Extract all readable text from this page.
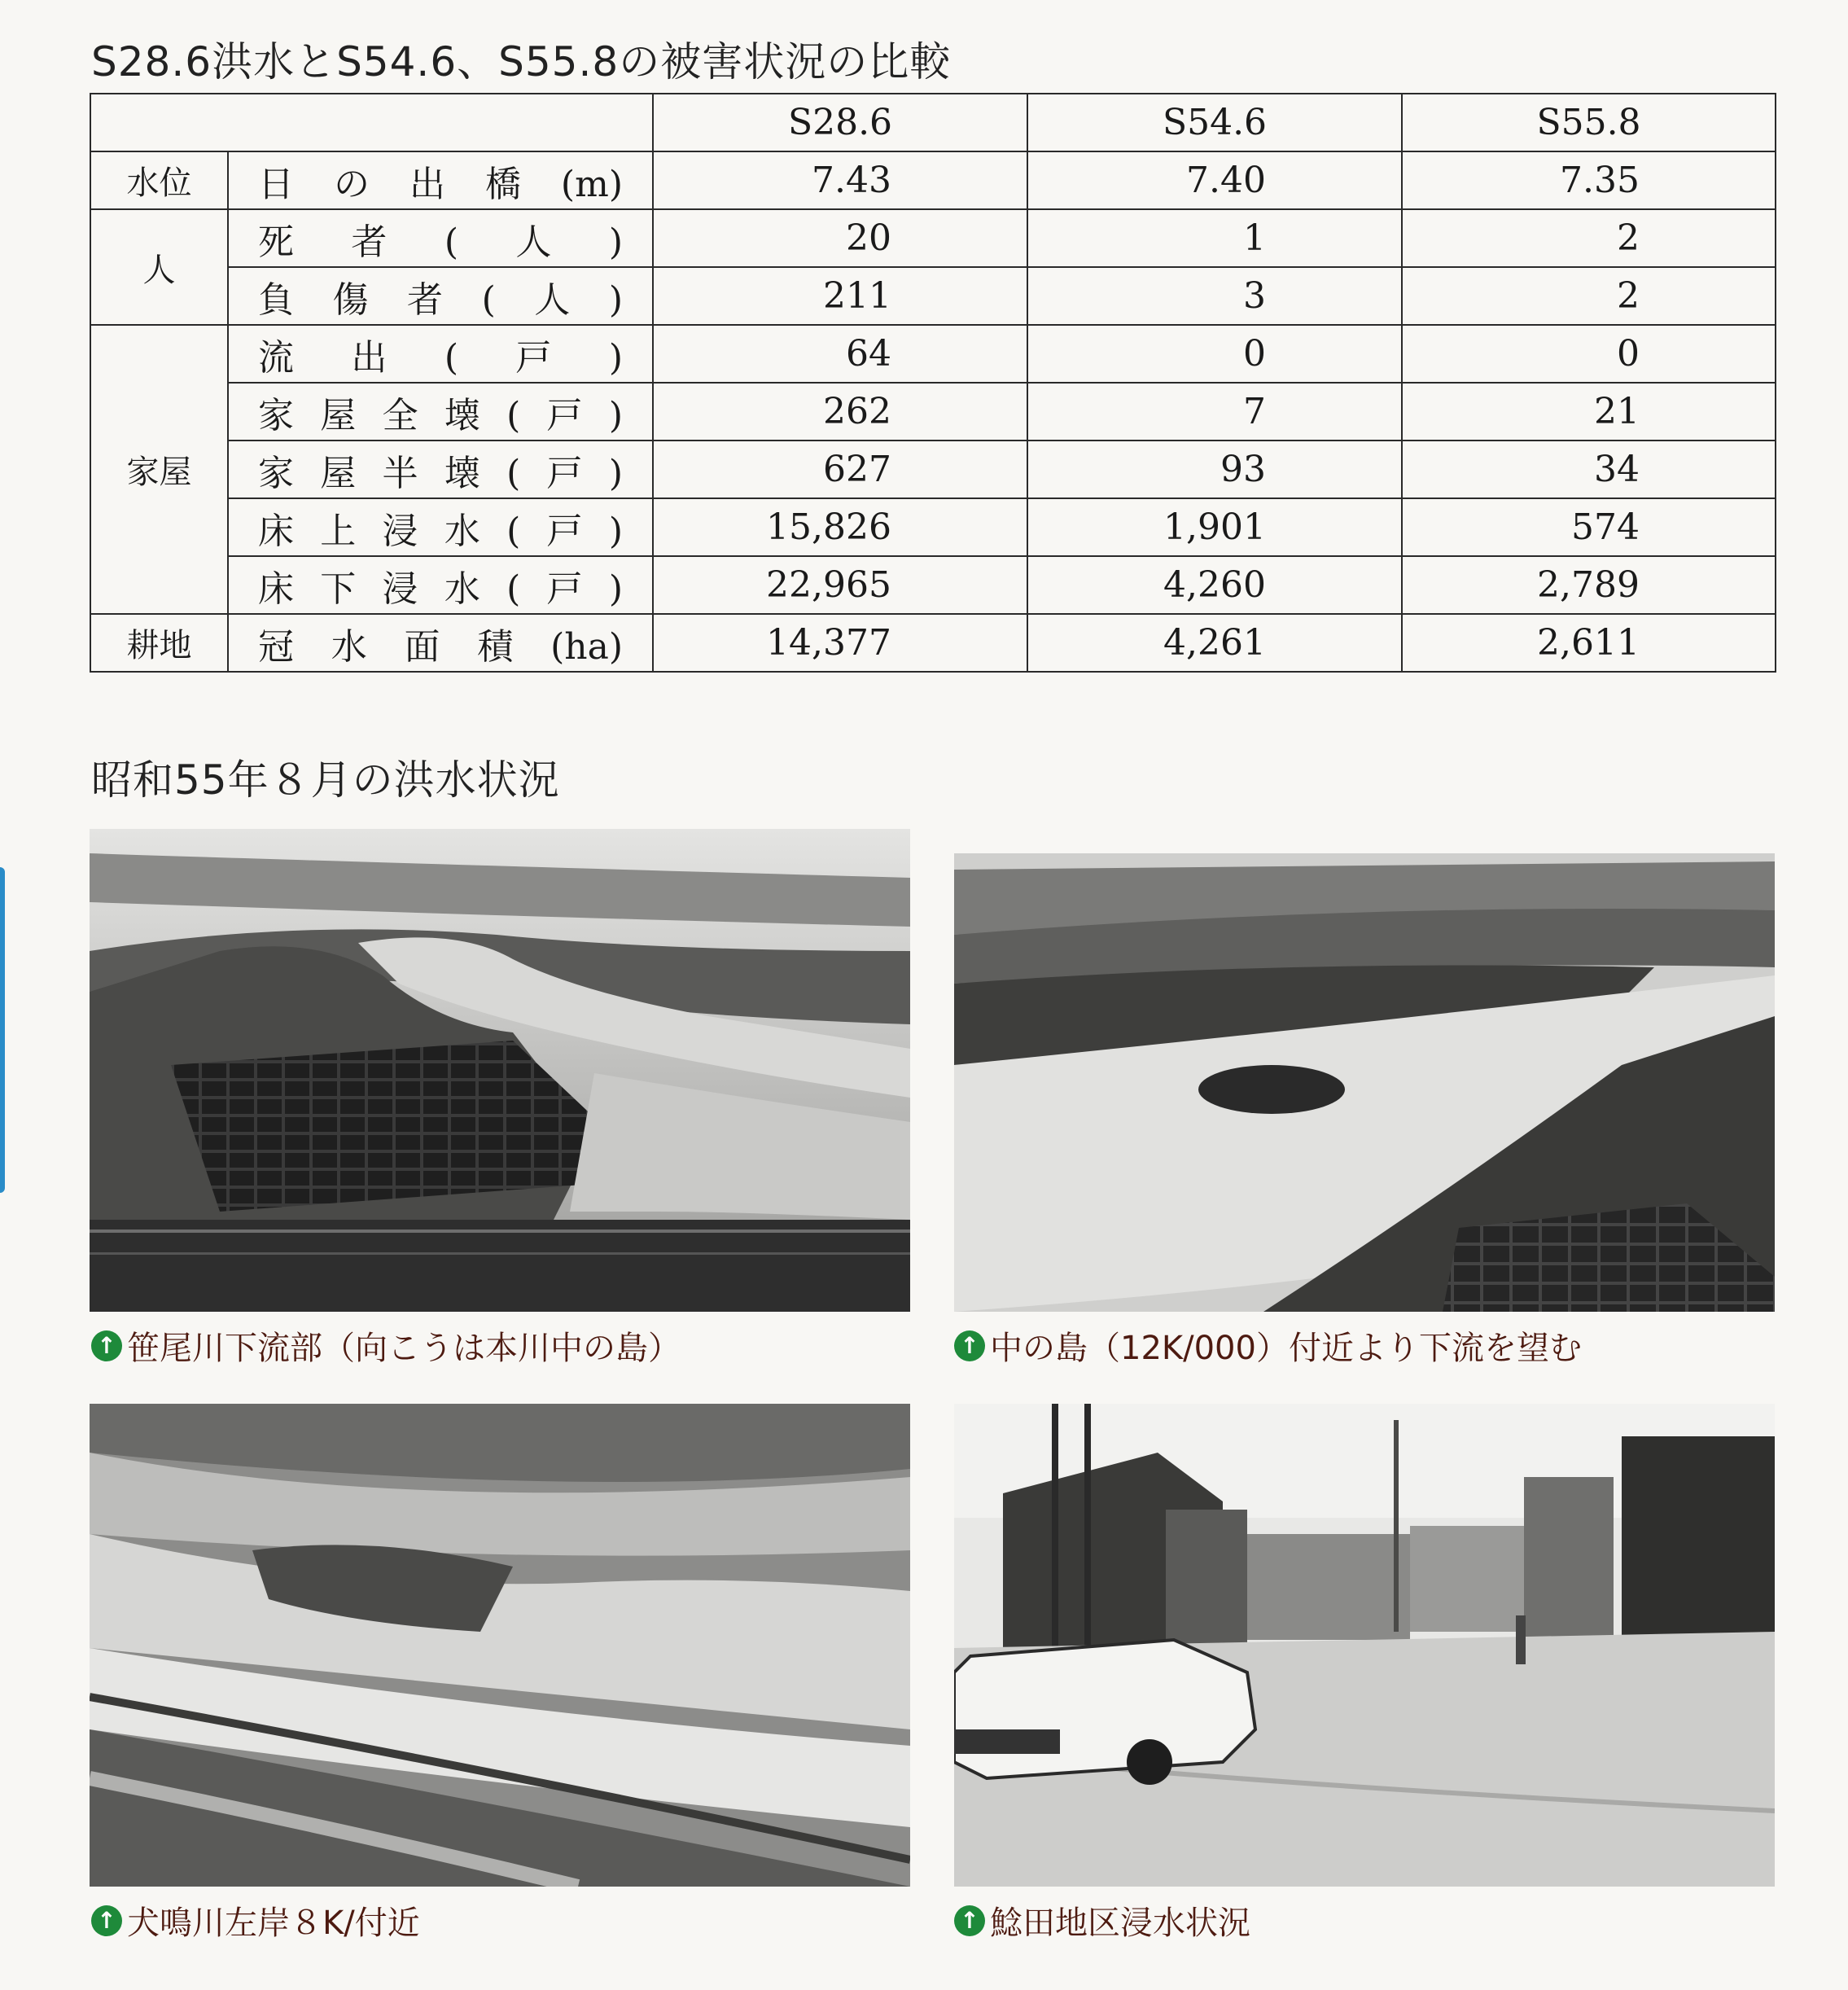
S28.6洪水とS54.6、S55.8の被害状況の比較
		S28.6	S54.6	S55.8
水位	日の出橋(m)	7.43	7.40	7.35
人	死者(人)	20	1	2
	負傷者(人)	211	3	2
家屋	流出(戸)	64	0	0
	家屋全壊(戸)	262	7	21
	家屋半壊(戸)	627	93	34
	床上浸水(戸)	15,826	1,901	574
	床下浸水(戸)	22,965	4,260	2,789
耕地	冠水面積(ha)	14,377	4,261	2,611
昭和55年８月の洪水状況
↑ 笹尾川下流部（向こうは本川中の島）	↑ 中の島（12K/000）付近より下流を望む
↑ 犬鳴川左岸８K/付近	↑ 鯰田地区浸水状況
